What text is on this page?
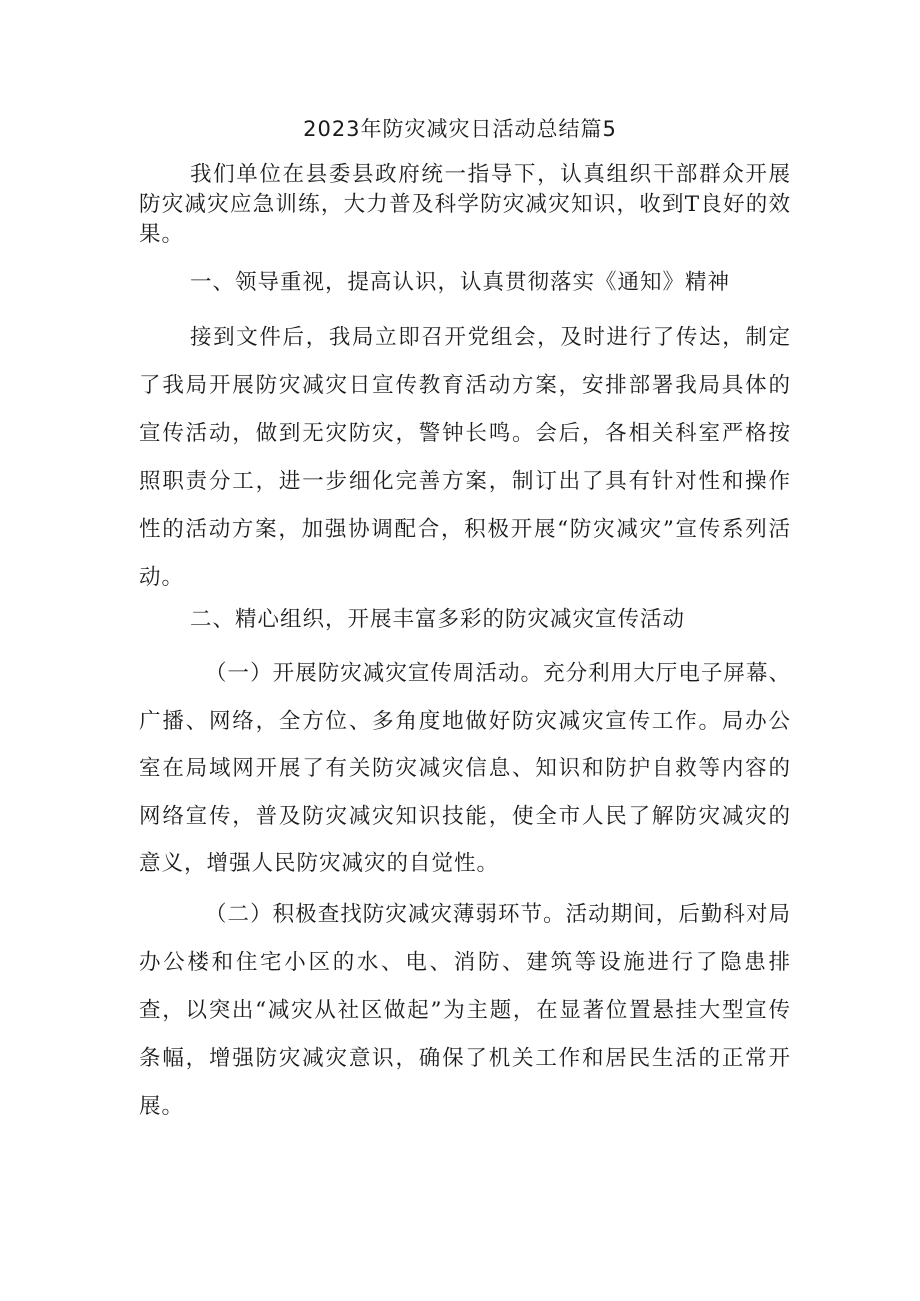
2023年防灾减灾日活动总结篇5

我们单位在县委县政府统一指导下，认真组织干部群众开展防灾减灾应急训练，大力普及科学防灾减灾知识，收到T良好的效果。

一、领导重视，提高认识，认真贯彻落实《通知》精神

接到文件后，我局立即召开党组会，及时进行了传达，制定了我局开展防灾减灾日宣传教育活动方案，安排部署我局具体的宣传活动，做到无灾防灾，警钟长鸣。会后，各相关科室严格按照职责分工，进一步细化完善方案，制订出了具有针对性和操作性的活动方案，加强协调配合，积极开展“防灾减灾”宣传系列活动。

二、精心组织，开展丰富多彩的防灾减灾宣传活动

（一）开展防灾减灾宣传周活动。充分利用大厅电子屏幕、广播、网络，全方位、多角度地做好防灾减灾宣传工作。局办公室在局域网开展了有关防灾减灾信息、知识和防护自救等内容的网络宣传，普及防灾减灾知识技能，使全市人民了解防灾减灾的意义，增强人民防灾减灾的自觉性。

（二）积极查找防灾减灾薄弱环节。活动期间，后勤科对局办公楼和住宅小区的水、电、消防、建筑等设施进行了隐患排查，以突出“减灾从社区做起”为主题，在显著位置悬挂大型宣传条幅，增强防灾减灾意识，确保了机关工作和居民生活的正常开展。
